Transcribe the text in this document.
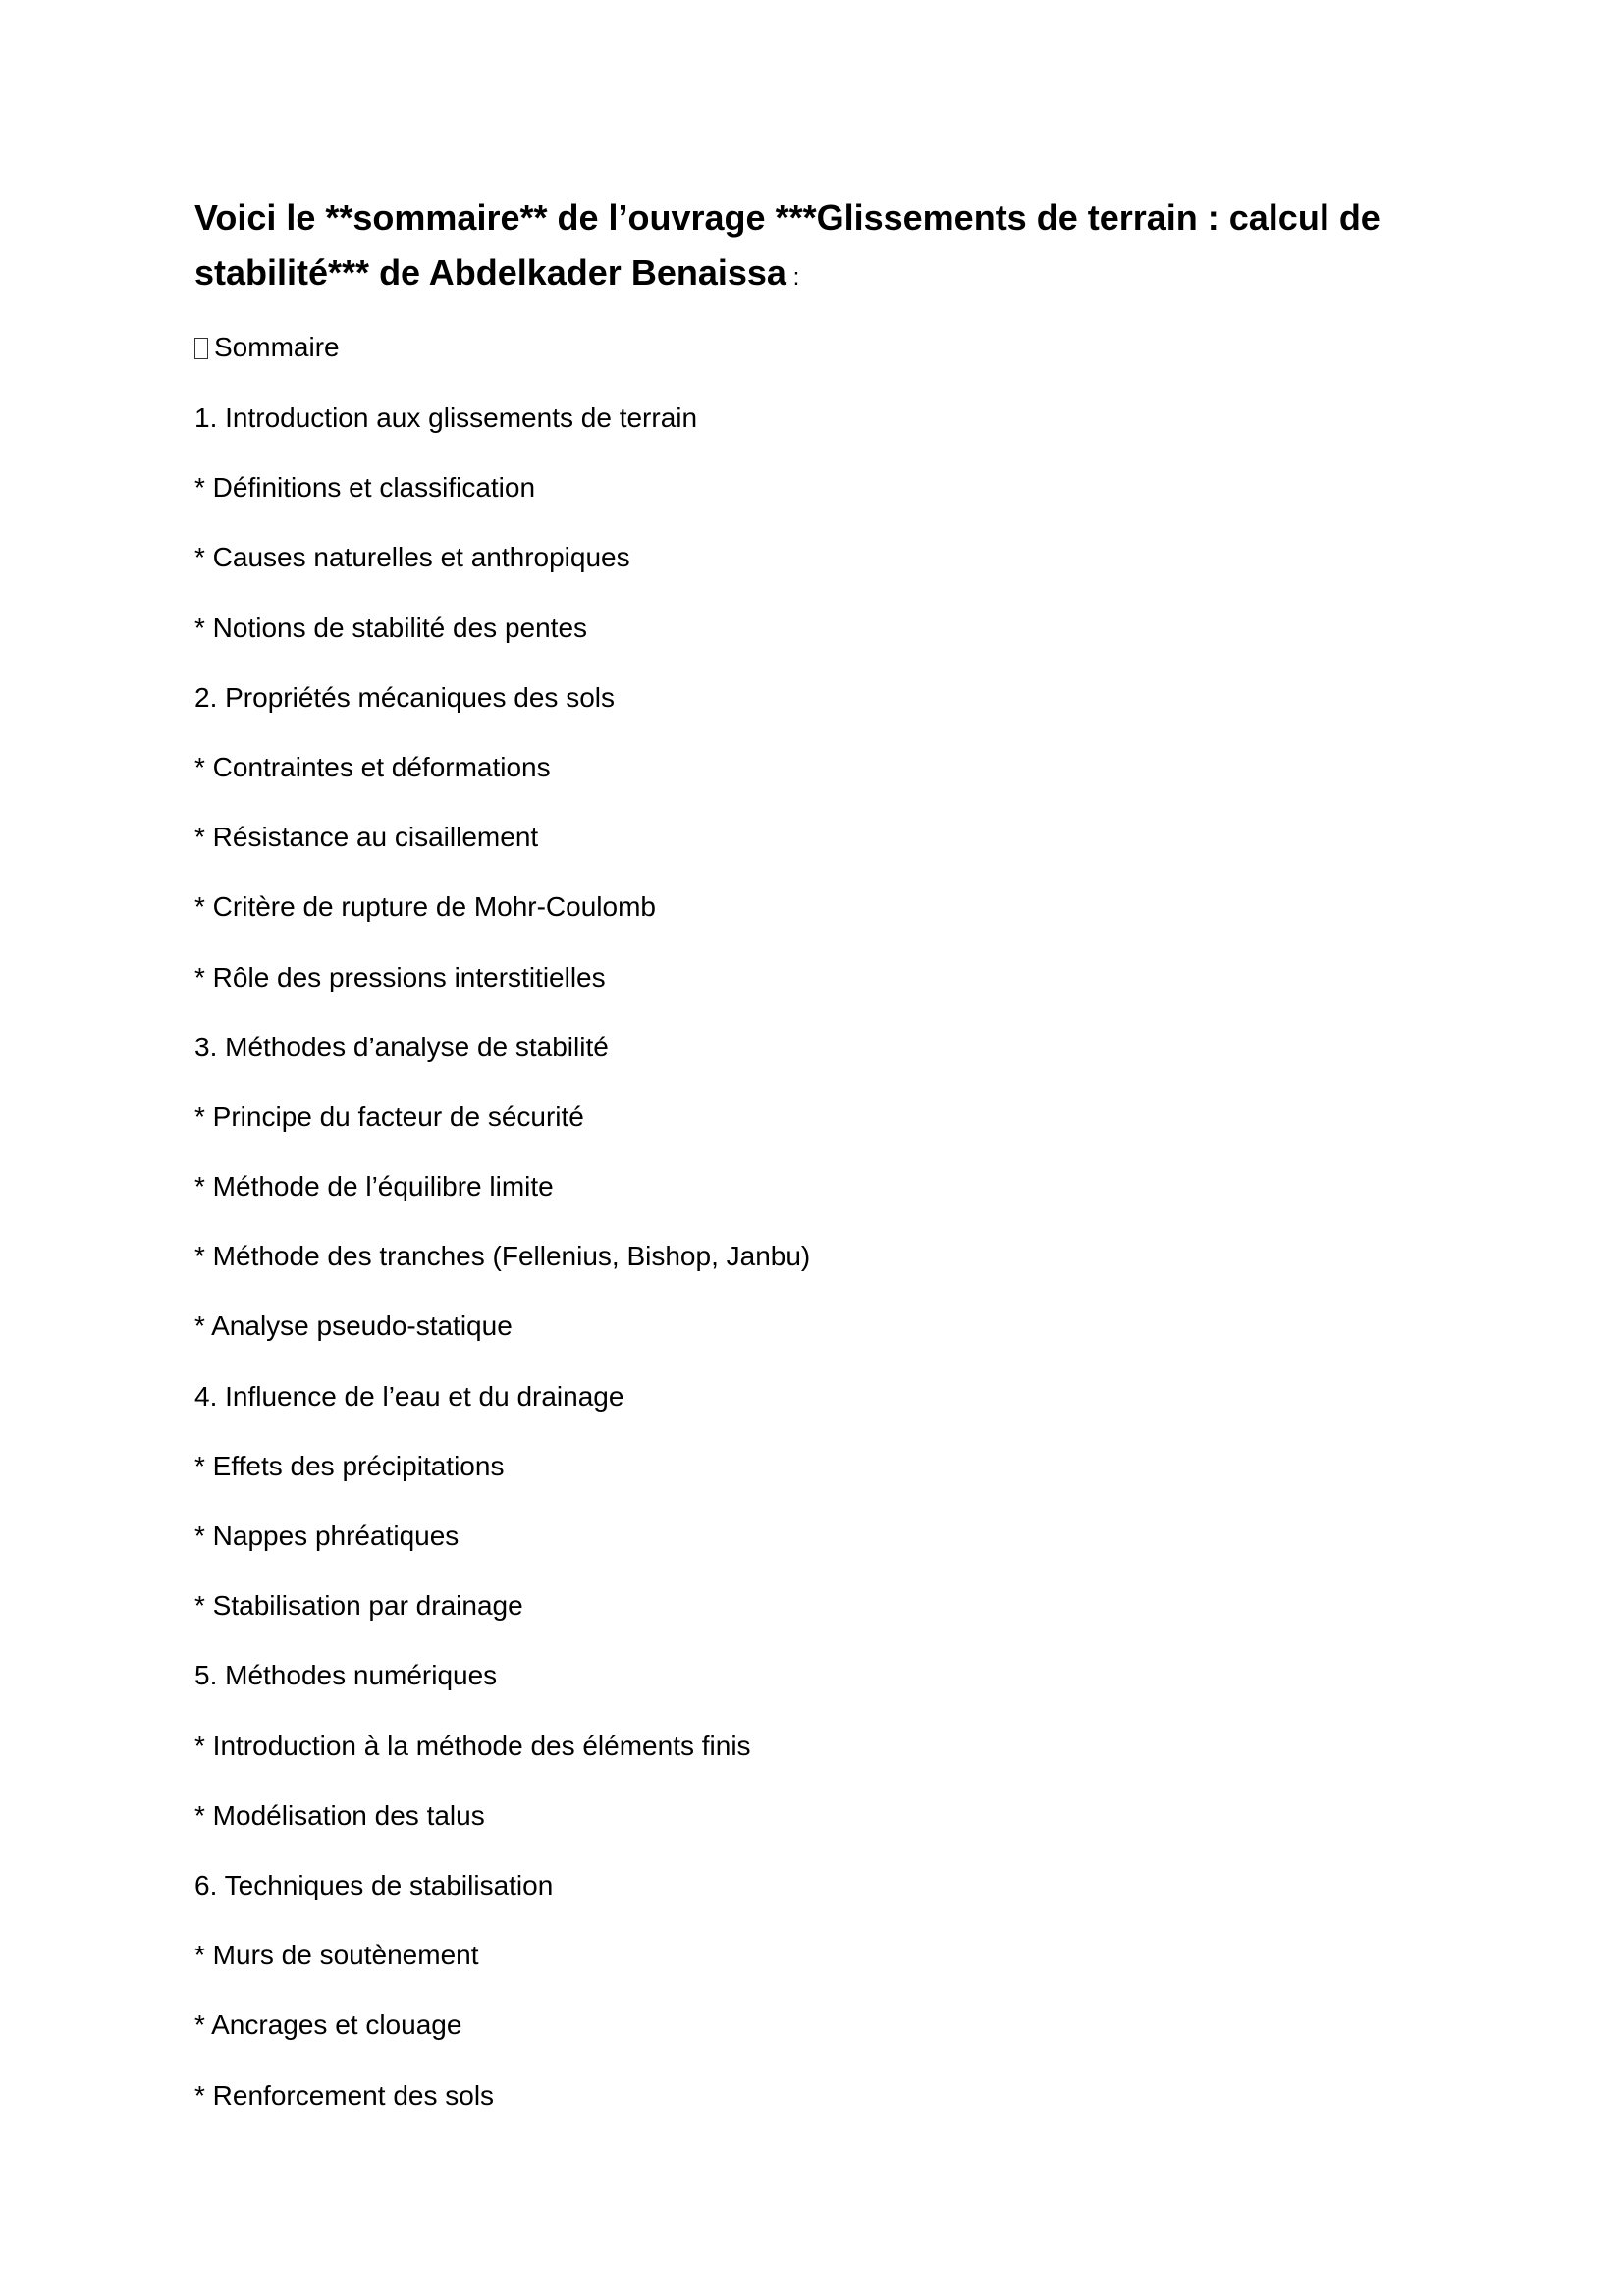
Voici le **sommaire** de l’ouvrage ***Glissements de terrain : calcul de stabilité*** de Abdelkader Benaissa :
Sommaire
1. Introduction aux glissements de terrain
* Définitions et classification
* Causes naturelles et anthropiques
* Notions de stabilité des pentes
2. Propriétés mécaniques des sols
* Contraintes et déformations
* Résistance au cisaillement
* Critère de rupture de Mohr-Coulomb
* Rôle des pressions interstitielles
3. Méthodes d’analyse de stabilité
* Principe du facteur de sécurité
* Méthode de l’équilibre limite
* Méthode des tranches (Fellenius, Bishop, Janbu)
* Analyse pseudo-statique
4. Influence de l’eau et du drainage
* Effets des précipitations
* Nappes phréatiques
* Stabilisation par drainage
5. Méthodes numériques
* Introduction à la méthode des éléments finis
* Modélisation des talus
6. Techniques de stabilisation
* Murs de soutènement
* Ancrages et clouage
* Renforcement des sols
